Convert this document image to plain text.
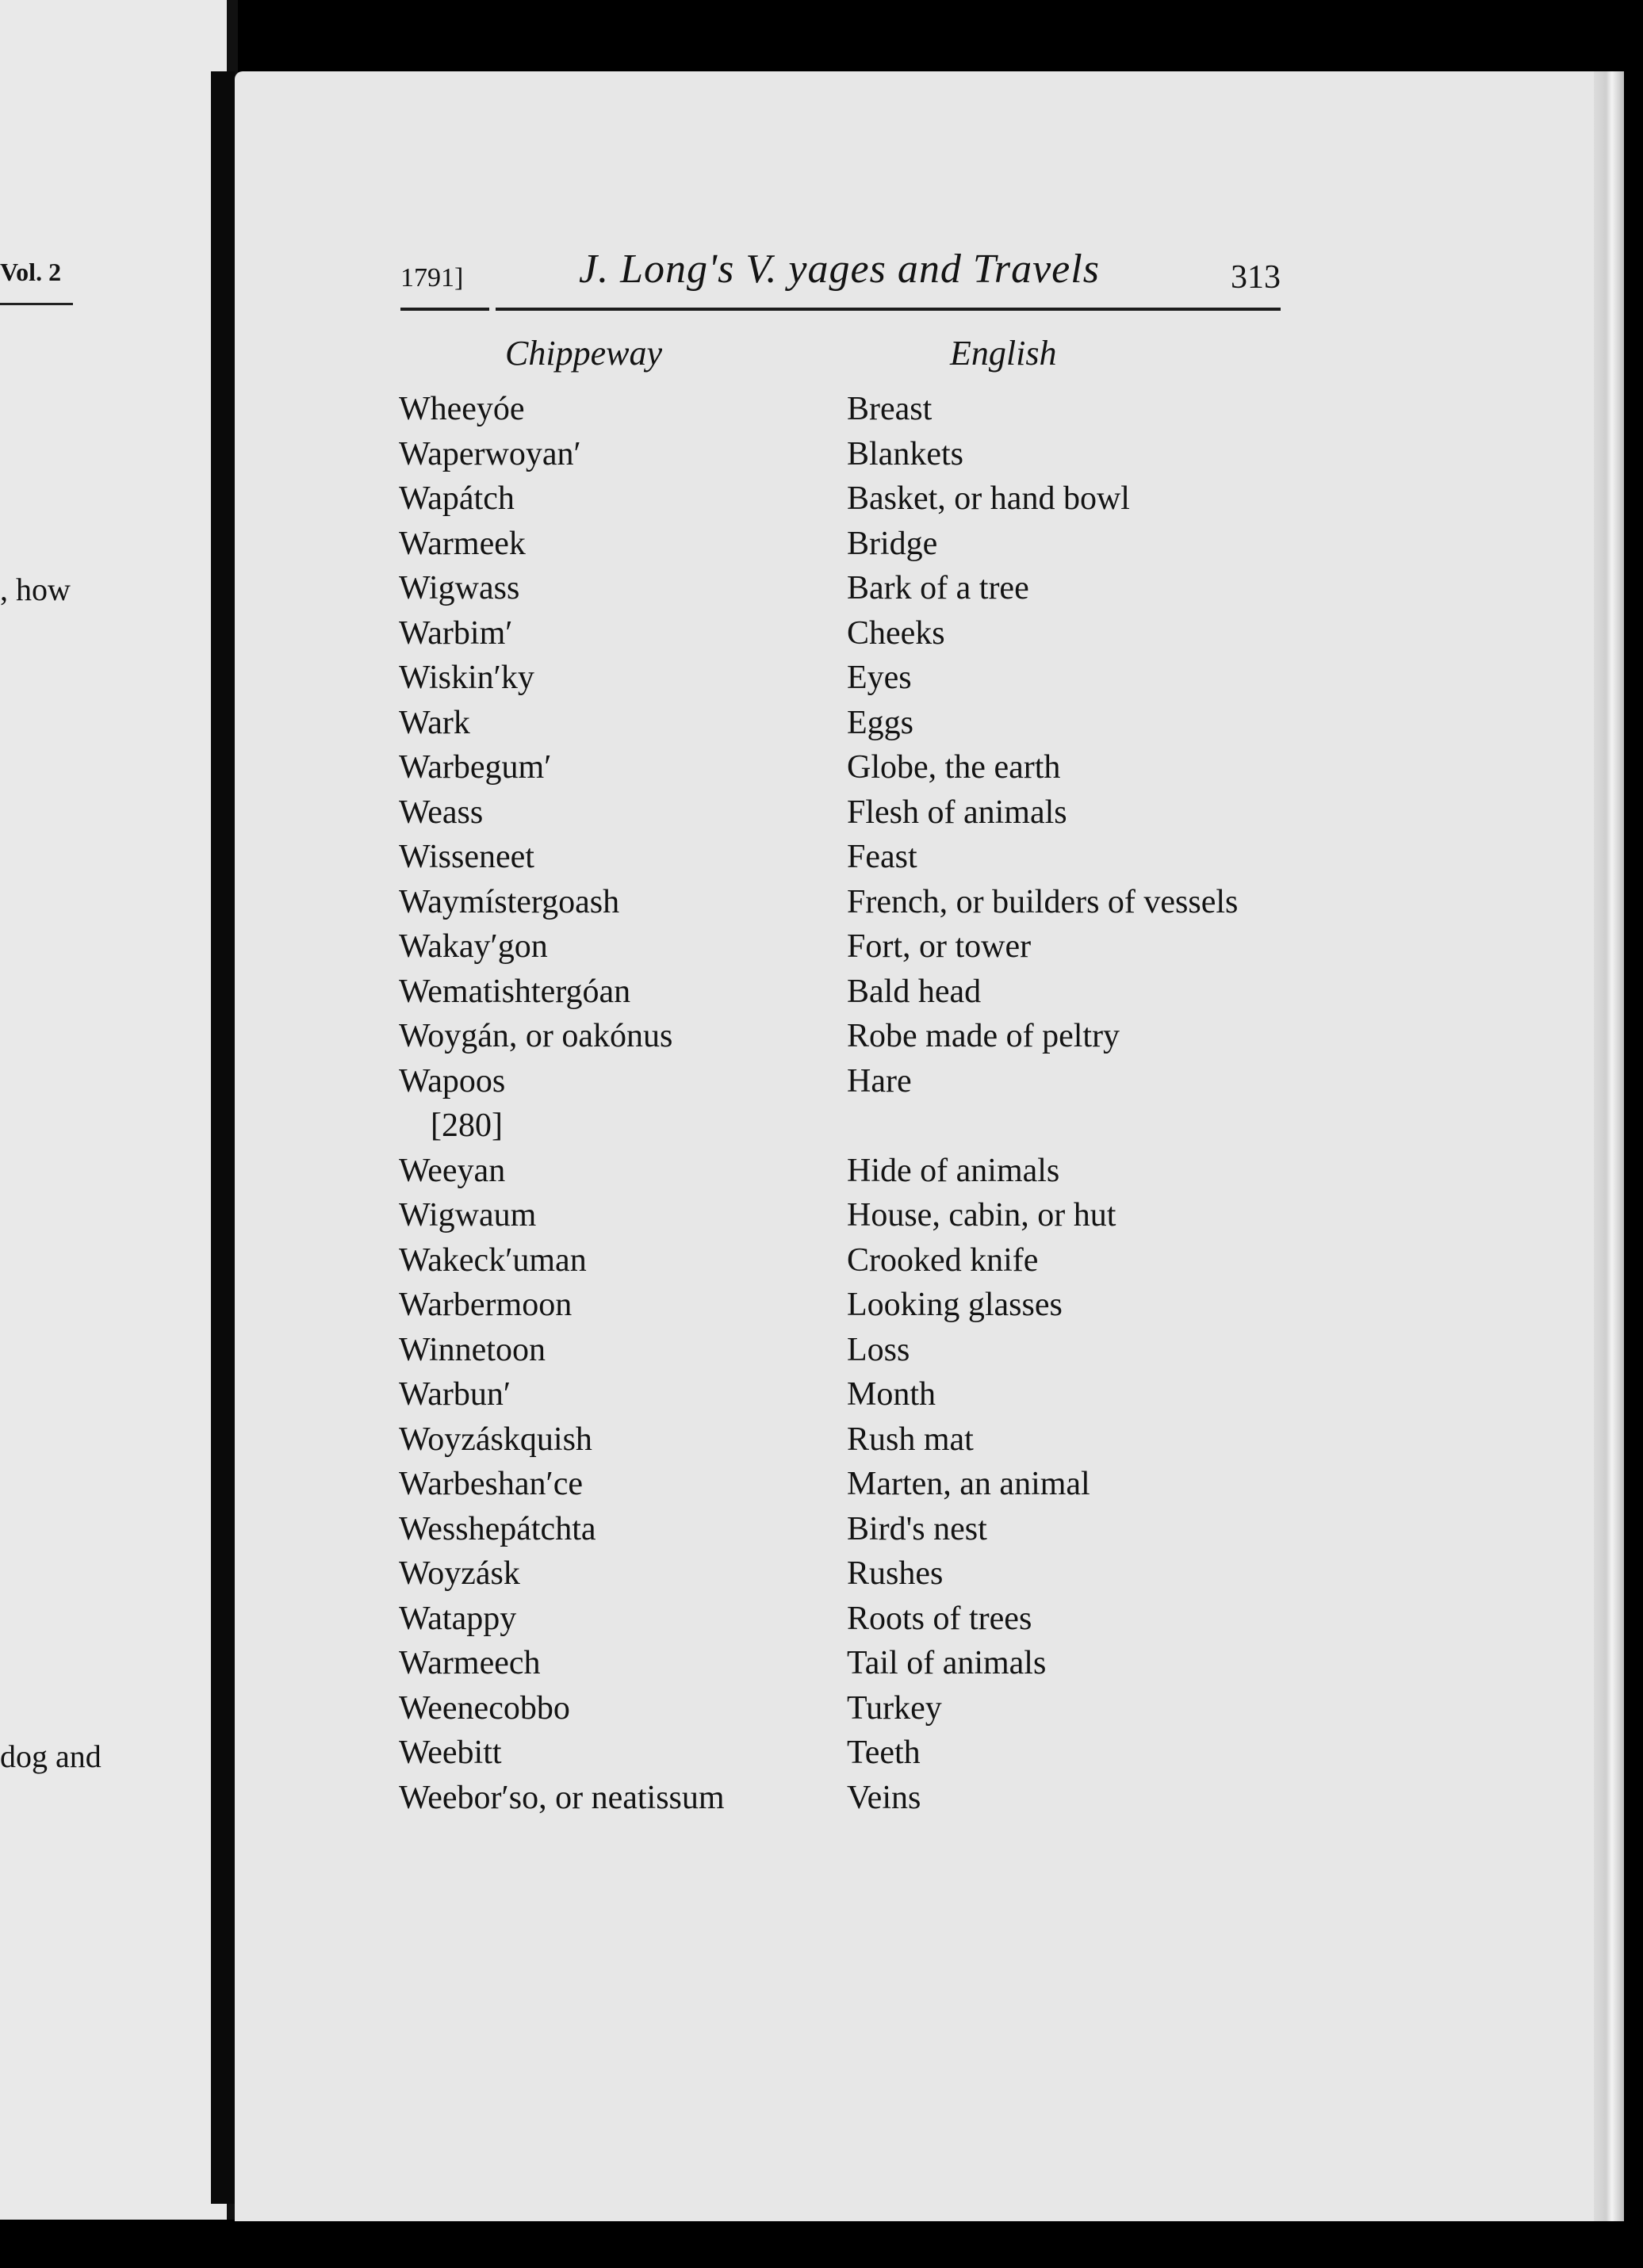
Vol. 2
, how
dog and
1791]	J. Long's V. yages and Travels	313
Chippeway	English
Wheeyóe	Breast
Waperwoyan′	Blankets
Wapátch	Basket, or hand bowl
Warmeek	Bridge
Wigwass	Bark of a tree
Warbim′	Cheeks
Wiskin′ky	Eyes
Wark	Eggs
Warbegum′	Globe, the earth
Weass	Flesh of animals
Wisseneet	Feast
Waymístergoash	French, or builders of vessels
Wakay′gon	Fort, or tower
Wematishtergóan	Bald head
Woygán, or oakónus	Robe made of peltry
Wapoos	Hare
[280]
Weeyan	Hide of animals
Wigwaum	House, cabin, or hut
Wakeck′uman	Crooked knife
Warbermoon	Looking glasses
Winnetoon	Loss
Warbun′	Month
Woyzáskquish	Rush mat
Warbeshan′ce	Marten, an animal
Wesshepátchta	Bird's nest
Woyzásk	Rushes
Watappy	Roots of trees
Warmeech	Tail of animals
Weenecobbo	Turkey
Weebitt	Teeth
Weebor′so, or neatissum	Veins
